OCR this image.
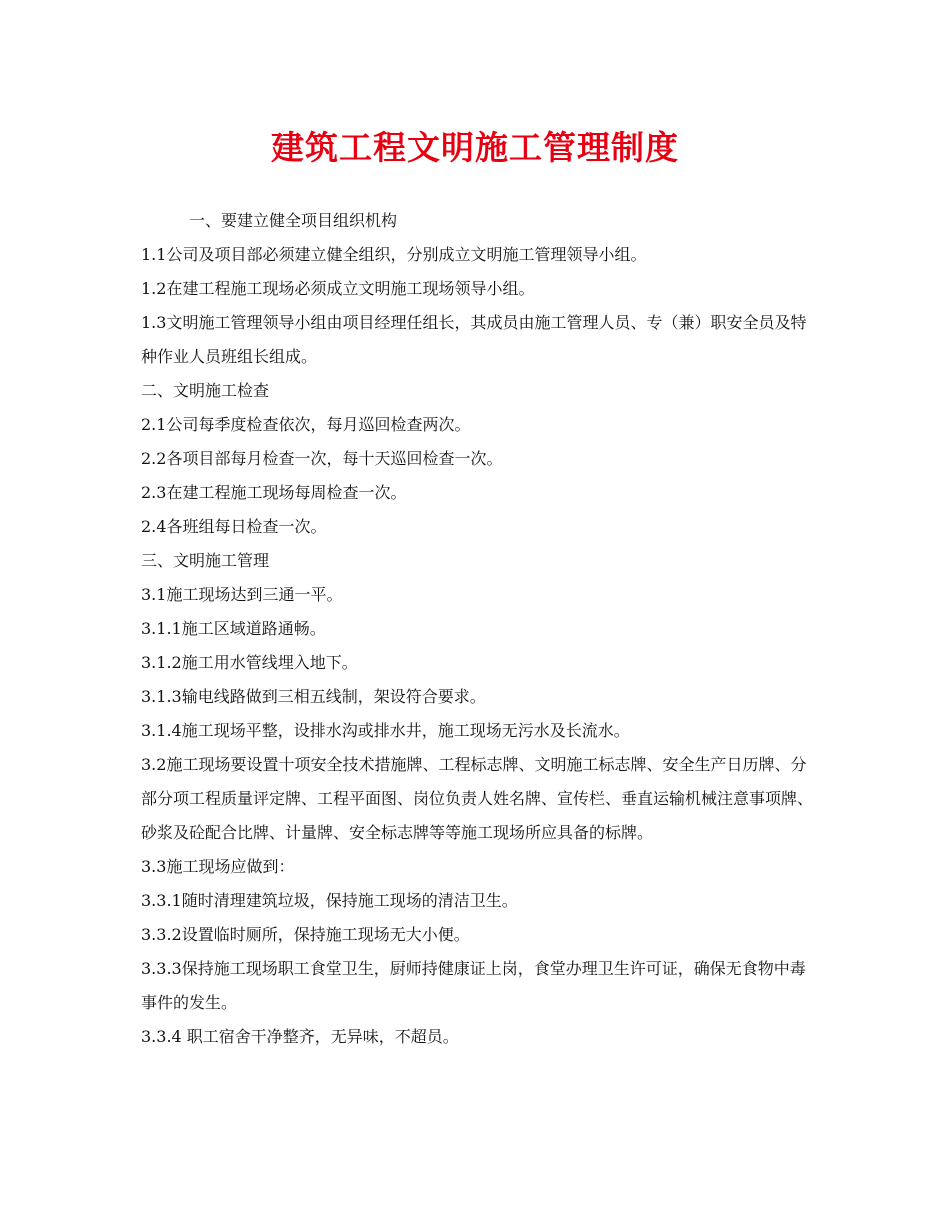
建筑工程文明施工管理制度

一、要建立健全项目组织机构

1.1公司及项目部必须建立健全组织，分别成立文明施工管理领导小组。

1.2在建工程施工现场必须成立文明施工现场领导小组。

1.3文明施工管理领导小组由项目经理任组长，其成员由施工管理人员、专（兼）职安全员及特种作业人员班组长组成。

二、文明施工检查

2.1公司每季度检查依次，每月巡回检查两次。

2.2各项目部每月检查一次，每十天巡回检查一次。

2.3在建工程施工现场每周检查一次。

2.4各班组每日检查一次。

三、文明施工管理

3.1施工现场达到三通一平。

3.1.1施工区域道路通畅。

3.1.2施工用水管线埋入地下。

3.1.3输电线路做到三相五线制，架设符合要求。

3.1.4施工现场平整，设排水沟或排水井，施工现场无污水及长流水。

3.2施工现场要设置十项安全技术措施牌、工程标志牌、文明施工标志牌、安全生产日历牌、分部分项工程质量评定牌、工程平面图、岗位负责人姓名牌、宣传栏、垂直运输机械注意事项牌、砂浆及砼配合比牌、计量牌、安全标志牌等等施工现场所应具备的标牌。

3.3施工现场应做到：

3.3.1随时清理建筑垃圾，保持施工现场的清洁卫生。

3.3.2设置临时厕所，保持施工现场无大小便。

3.3.3保持施工现场职工食堂卫生，厨师持健康证上岗，食堂办理卫生许可证，确保无食物中毒事件的发生。

3.3.4 职工宿舍干净整齐，无异味，不超员。
